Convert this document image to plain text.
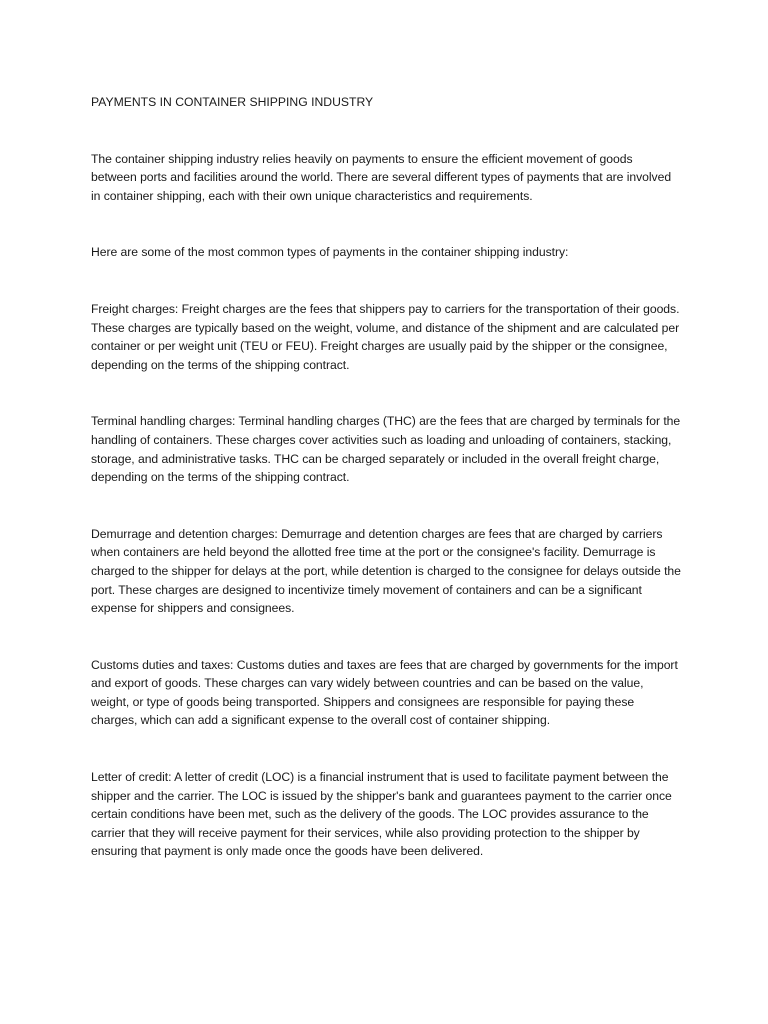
PAYMENTS IN CONTAINER SHIPPING INDUSTRY

The container shipping industry relies heavily on payments to ensure the efficient movement of goods between ports and facilities around the world. There are several different types of payments that are involved in container shipping, each with their own unique characteristics and requirements.

Here are some of the most common types of payments in the container shipping industry:

Freight charges: Freight charges are the fees that shippers pay to carriers for the transportation of their goods. These charges are typically based on the weight, volume, and distance of the shipment and are calculated per container or per weight unit (TEU or FEU). Freight charges are usually paid by the shipper or the consignee, depending on the terms of the shipping contract.

Terminal handling charges: Terminal handling charges (THC) are the fees that are charged by terminals for the handling of containers. These charges cover activities such as loading and unloading of containers, stacking, storage, and administrative tasks. THC can be charged separately or included in the overall freight charge, depending on the terms of the shipping contract.

Demurrage and detention charges: Demurrage and detention charges are fees that are charged by carriers when containers are held beyond the allotted free time at the port or the consignee's facility. Demurrage is charged to the shipper for delays at the port, while detention is charged to the consignee for delays outside the port. These charges are designed to incentivize timely movement of containers and can be a significant expense for shippers and consignees.

Customs duties and taxes: Customs duties and taxes are fees that are charged by governments for the import and export of goods. These charges can vary widely between countries and can be based on the value, weight, or type of goods being transported. Shippers and consignees are responsible for paying these charges, which can add a significant expense to the overall cost of container shipping.

Letter of credit: A letter of credit (LOC) is a financial instrument that is used to facilitate payment between the shipper and the carrier. The LOC is issued by the shipper's bank and guarantees payment to the carrier once certain conditions have been met, such as the delivery of the goods. The LOC provides assurance to the carrier that they will receive payment for their services, while also providing protection to the shipper by ensuring that payment is only made once the goods have been delivered.
